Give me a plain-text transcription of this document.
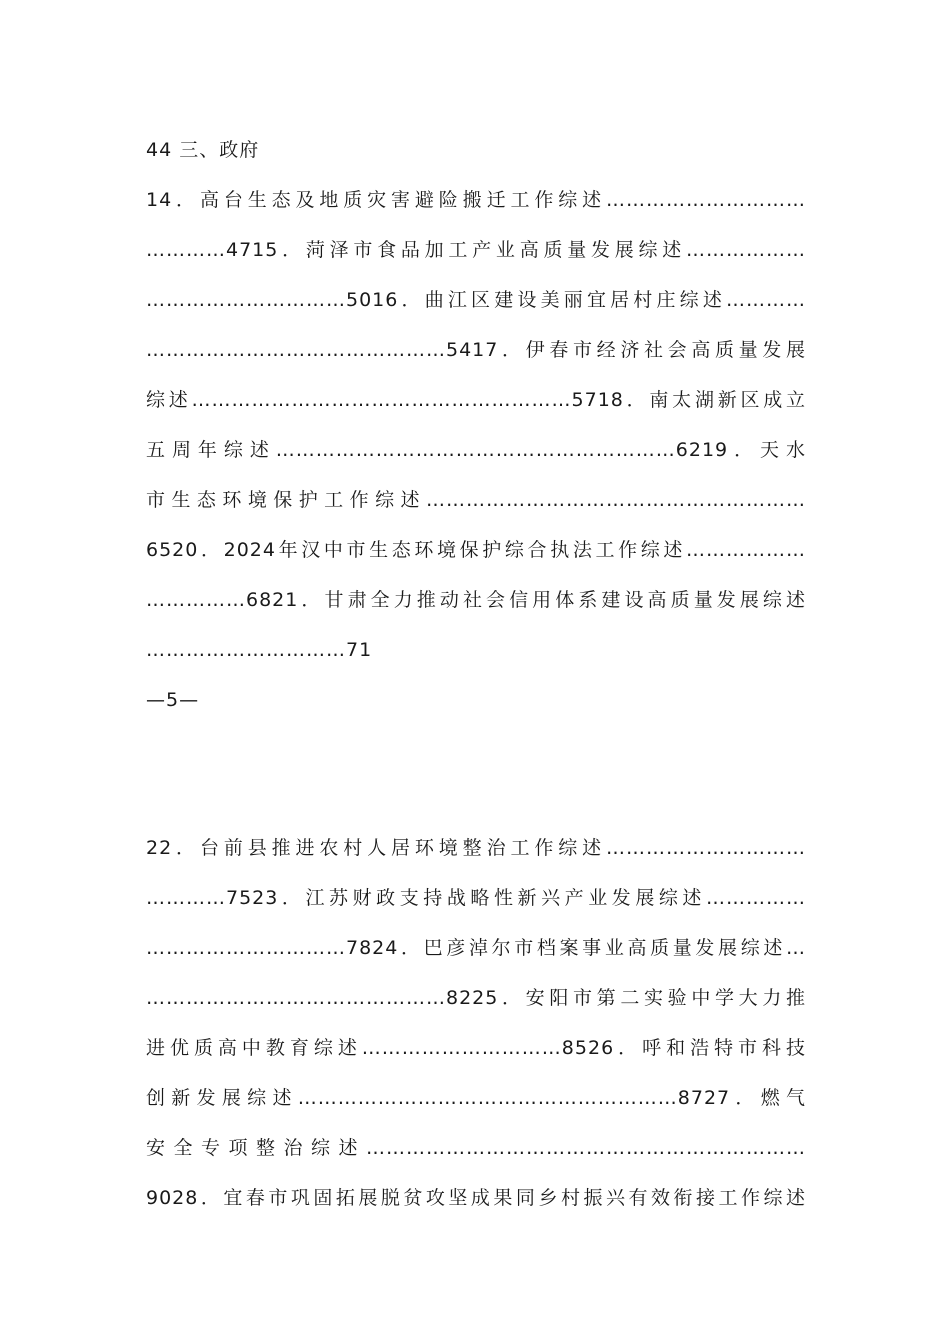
44 三、政府
14．高台生态及地质灾害避险搬迁工作综述…………………………
…………4715．菏泽市食品加工产业高质量发展综述………………
…………………………5016．曲江区建设美丽宜居村庄综述…………
………………………………………5417．伊春市经济社会高质量发展
综述…………………………………………………5718．南太湖新区成立
五周年综述……………………………………………………6219．天水
市生态环境保护工作综述…………………………………………………
6520．2024年汉中市生态环境保护综合执法工作综述………………
……………6821．甘肃全力推动社会信用体系建设高质量发展综述
…………………………71
—5—
22．台前县推进农村人居环境整治工作综述…………………………
…………7523．江苏财政支持战略性新兴产业发展综述……………
…………………………7824．巴彦淖尔市档案事业高质量发展综述…
………………………………………8225．安阳市第二实验中学大力推
进优质高中教育综述…………………………8526．呼和浩特市科技
创新发展综述…………………………………………………8727．燃气
安全专项整治综述…………………………………………………………
9028．宜春市巩固拓展脱贫攻坚成果同乡村振兴有效衔接工作综述
